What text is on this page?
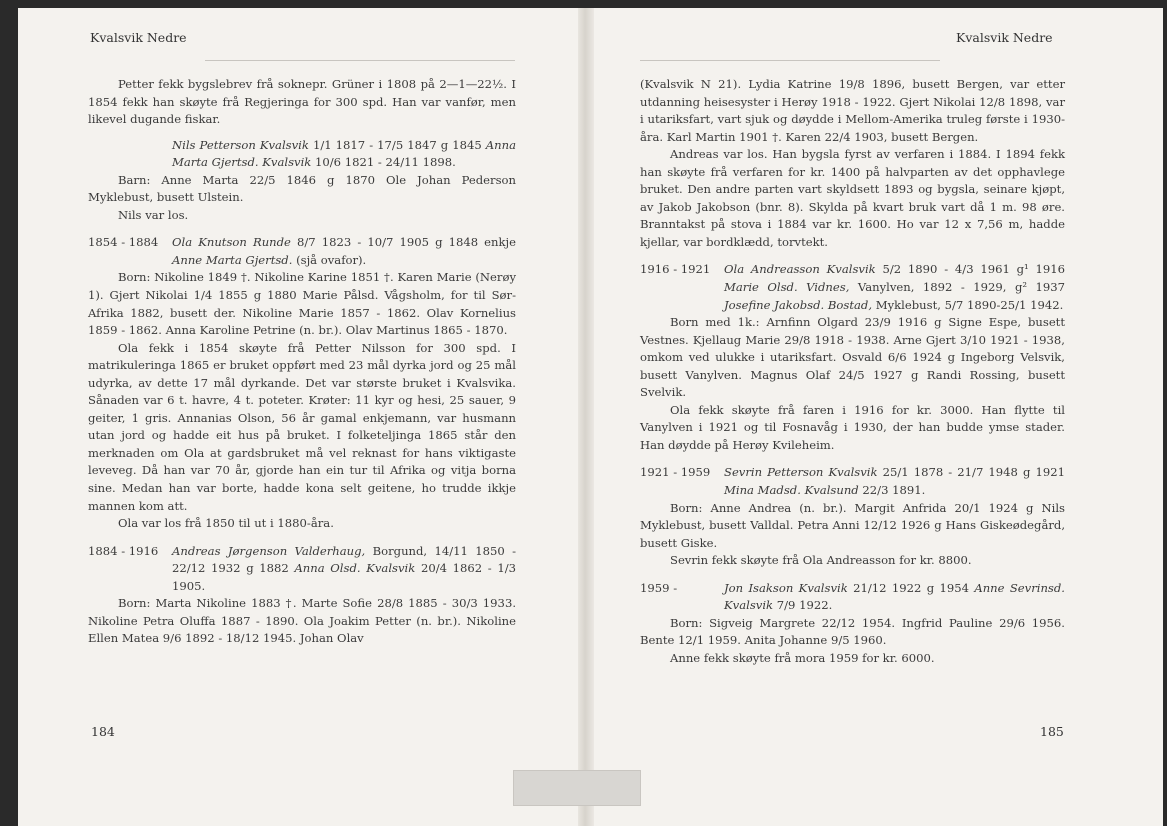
Kvalsvik Nedre	Kvalsvik Nedre

Petter fekk bygslebrev frå soknepr. Grüner i 1808 på 2—1—22½. I 1854 fekk han skøyte frå Regjeringa for 300 spd. Han var vanfør, men likevel dugande fiskar.

Nils Petterson Kvalsvik 1/1 1817 - 17/5 1847 g 1845 Anna Marta Gjertsd. Kvalsvik 10/6 1821 - 24/11 1898.

Barn: Anne Marta 22/5 1846 g 1870 Ole Johan Pederson Myklebust, busett Ulstein.

Nils var los.

1854 - 1884 Ola Knutson Runde 8/7 1823 - 10/7 1905 g 1848 enkje Anne Marta Gjertsd. (sjå ovafor).

Born: Nikoline 1849 †. Nikoline Karine 1851 †. Karen Marie (Nerøy 1). Gjert Nikolai 1/4 1855 g 1880 Marie Pålsd. Vågsholm, for til Sør-Afrika 1882, busett der. Nikoline Marie 1857 - 1862. Olav Kornelius 1859 - 1862. Anna Karoline Petrine (n. br.). Olav Martinus 1865 - 1870.

Ola fekk i 1854 skøyte frå Petter Nilsson for 300 spd. I matrikuleringa 1865 er bruket oppført med 23 mål dyrka jord og 25 mål udyrka, av dette 17 mål dyrkande. Det var største bruket i Kvalsvika. Sånaden var 6 t. havre, 4 t. poteter. Krøter: 11 kyr og hesi, 25 sauer, 9 geiter, 1 gris. Annanias Olson, 56 år gamal enkjemann, var husmann utan jord og hadde eit hus på bruket. I folketeljinga 1865 står den merknaden om Ola at gardsbruket må vel reknast for hans viktigaste leveveg. Då han var 70 år, gjorde han ein tur til Afrika og vitja borna sine. Medan han var borte, hadde kona selt geitene, ho trudde ikkje mannen kom att.

Ola var los frå 1850 til ut i 1880-åra.

1884 - 1916 Andreas Jørgenson Valderhaug, Borgund, 14/11 1850 - 22/12 1932 g 1882 Anna Olsd. Kvalsvik 20/4 1862 - 1/3 1905.

Born: Marta Nikoline 1883 †. Marte Sofie 28/8 1885 - 30/3 1933. Nikoline Petra Oluffa 1887 - 1890. Ola Joakim Petter (n. br.). Nikoline Ellen Matea 9/6 1892 - 18/12 1945. Johan Olav

(Kvalsvik N 21). Lydia Katrine 19/8 1896, busett Bergen, var etter utdanning heisesyster i Herøy 1918 - 1922. Gjert Nikolai 12/8 1898, var i utariksfart, vart sjuk og døydde i Mellom-Amerika truleg første i 1930-åra. Karl Martin 1901 †. Karen 22/4 1903, busett Bergen.

Andreas var los. Han bygsla fyrst av verfaren i 1884. I 1894 fekk han skøyte frå verfaren for kr. 1400 på halvparten av det opphavlege bruket. Den andre parten vart skyldsett 1893 og bygsla, seinare kjøpt, av Jakob Jakobson (bnr. 8). Skylda på kvart bruk vart då 1 m. 98 øre. Branntakst på stova i 1884 var kr. 1600. Ho var 12 x 7,56 m, hadde kjellar, var bordklædd, torvtekt.

1916 - 1921 Ola Andreasson Kvalsvik 5/2 1890 - 4/3 1961 g¹ 1916 Marie Olsd. Vidnes, Vanylven, 1892 - 1929, g² 1937 Josefine Jakobsd. Bostad, Myklebust, 5/7 1890-25/1 1942.

Born med 1k.: Arnfinn Olgard 23/9 1916 g Signe Espe, busett Vestnes. Kjellaug Marie 29/8 1918 - 1938. Arne Gjert 3/10 1921 - 1938, omkom ved ulukke i utariksfart. Osvald 6/6 1924 g Ingeborg Velsvik, busett Vanylven. Magnus Olaf 24/5 1927 g Randi Rossing, busett Svelvik.

Ola fekk skøyte frå faren i 1916 for kr. 3000. Han flytte til Vanylven i 1921 og til Fosnavåg i 1930, der han budde ymse stader. Han døydde på Herøy Kvileheim.

1921 - 1959 Sevrin Petterson Kvalsvik 25/1 1878 - 21/7 1948 g 1921 Mina Madsd. Kvalsund 22/3 1891.

Born: Anne Andrea (n. br.). Margit Anfrida 20/1 1924 g Nils Myklebust, busett Valldal. Petra Anni 12/12 1926 g Hans Giskeødegård, busett Giske.

Sevrin fekk skøyte frå Ola Andreasson for kr. 8800.

1959 -	Jon Isakson Kvalsvik 21/12 1922 g 1954 Anne Sevrinsd. Kvalsvik 7/9 1922.

Born: Sigveig Margrete 22/12 1954. Ingfrid Pauline 29/6 1956. Bente 12/1 1959. Anita Johanne 9/5 1960.

Anne fekk skøyte frå mora 1959 for kr. 6000.

184	185
